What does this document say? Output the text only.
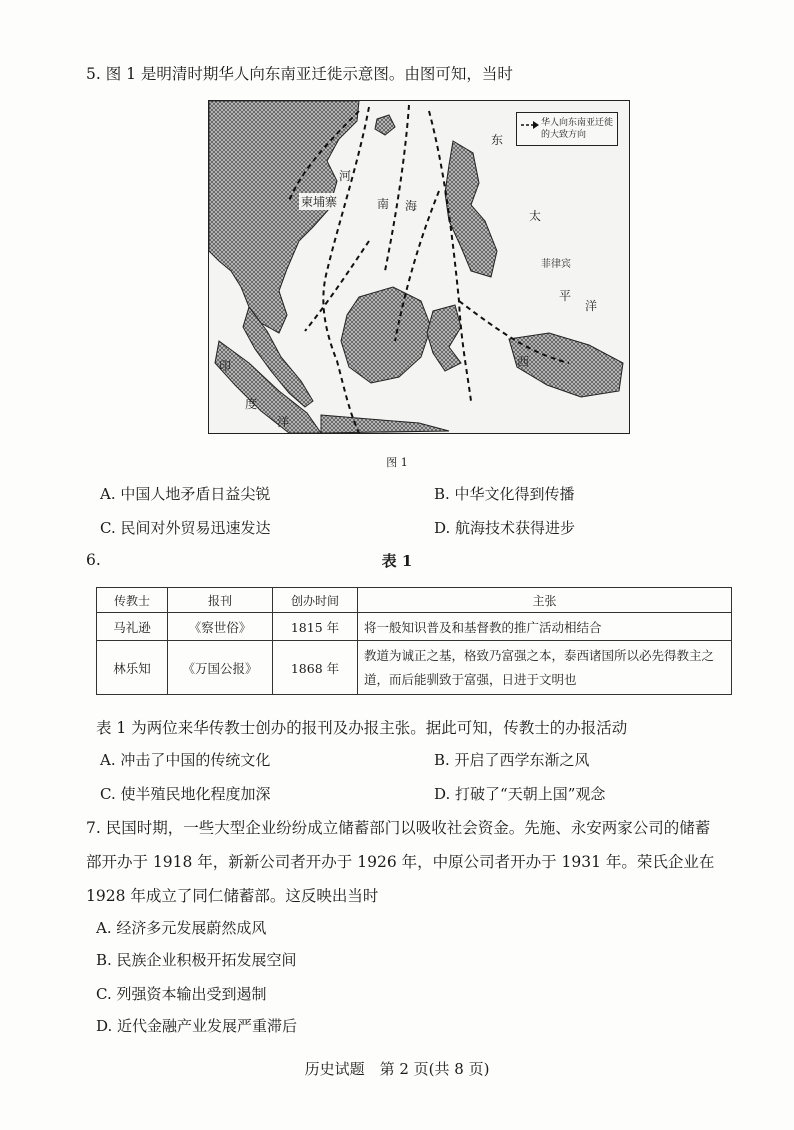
5. 图 1 是明清时期华人向东南亚迁徙示意图。由图可知，当时
东
南 海
柬埔寨
太
平
洋
印
度
洋
菲律宾
西
河
华人向东南亚迁徙的大致方向
图 1
A. 中国人地矛盾日益尖锐	B. 中华文化得到传播
C. 民间对外贸易迅速发达	D. 航海技术获得进步
6.	表 1
传教士	报刊	创办时间	主张
马礼逊	《察世俗》	1815 年	将一般知识普及和基督教的推广活动相结合
林乐知	《万国公报》	1868 年	教道为诚正之基，格致乃富强之本，泰西诸国所以必先得教主之道，而后能驯致于富强，日进于文明也
表 1 为两位来华传教士创办的报刊及办报主张。据此可知，传教士的办报活动
A. 冲击了中国的传统文化	B. 开启了西学东渐之风
C. 使半殖民地化程度加深	D. 打破了“天朝上国”观念
7. 民国时期，一些大型企业纷纷成立储蓄部门以吸收社会资金。先施、永安两家公司的储蓄
部开办于 1918 年，新新公司者开办于 1926 年，中原公司者开办于 1931 年。荣氏企业在
1928 年成立了同仁储蓄部。这反映出当时
A. 经济多元发展蔚然成风
B. 民族企业积极开拓发展空间
C. 列强资本输出受到遏制
D. 近代金融产业发展严重滞后
历史试题　第 2 页(共 8 页)
